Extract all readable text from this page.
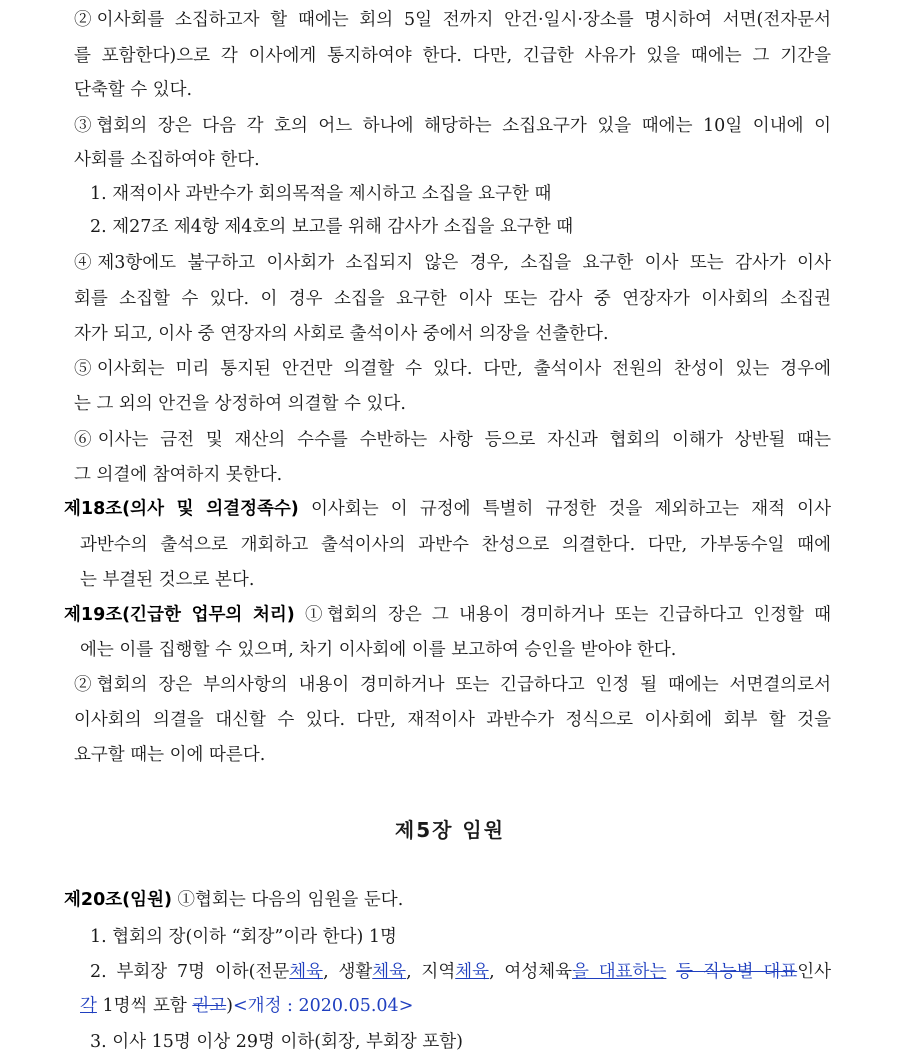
②이사회를 소집하고자 할 때에는 회의 5일 전까지 안건·일시·장소를 명시하여 서면(전자문서
를 포함한다)으로 각 이사에게 통지하여야 한다. 다만, 긴급한 사유가 있을 때에는 그 기간을
단축할 수 있다.
③협회의 장은 다음 각 호의 어느 하나에 해당하는 소집요구가 있을 때에는 10일 이내에 이
사회를 소집하여야 한다.
1. 재적이사 과반수가 회의목적을 제시하고 소집을 요구한 때
2. 제27조 제4항 제4호의 보고를 위해 감사가 소집을 요구한 때
④제3항에도 불구하고 이사회가 소집되지 않은 경우, 소집을 요구한 이사 또는 감사가 이사
회를 소집할 수 있다. 이 경우 소집을 요구한 이사 또는 감사 중 연장자가 이사회의 소집권
자가 되고, 이사 중 연장자의 사회로 출석이사 중에서 의장을 선출한다.
⑤이사회는 미리 통지된 안건만 의결할 수 있다. 다만, 출석이사 전원의 찬성이 있는 경우에
는 그 외의 안건을 상정하여 의결할 수 있다.
⑥이사는 금전 및 재산의 수수를 수반하는 사항 등으로 자신과 협회의 이해가 상반될 때는
그 의결에 참여하지 못한다.
제18조(의사 및 의결정족수) 이사회는 이 규정에 특별히 규정한 것을 제외하고는 재적 이사
과반수의 출석으로 개회하고 출석이사의 과반수 찬성으로 의결한다. 다만, 가부동수일 때에
는 부결된 것으로 본다.
제19조(긴급한 업무의 처리) ①협회의 장은 그 내용이 경미하거나 또는 긴급하다고 인정할 때
에는 이를 집행할 수 있으며, 차기 이사회에 이를 보고하여 승인을 받아야 한다.
②협회의 장은 부의사항의 내용이 경미하거나 또는 긴급하다고 인정 될 때에는 서면결의로서
이사회의 의결을 대신할 수 있다. 다만, 재적이사 과반수가 정식으로 이사회에 회부 할 것을
요구할 때는 이에 따른다.
제5장 임원
제20조(임원) ①협회는 다음의 임원을 둔다.
1. 협회의 장(이하 “회장”이라 한다) 1명
2. 부회장 7명 이하(전문체육, 생활체육, 지역체육, 여성체육을 대표하는 등 직능별 대표인사
각 1명씩 포함 권고)<개정 : 2020.05.04>
3. 이사 15명 이상 29명 이하(회장, 부회장 포함)
